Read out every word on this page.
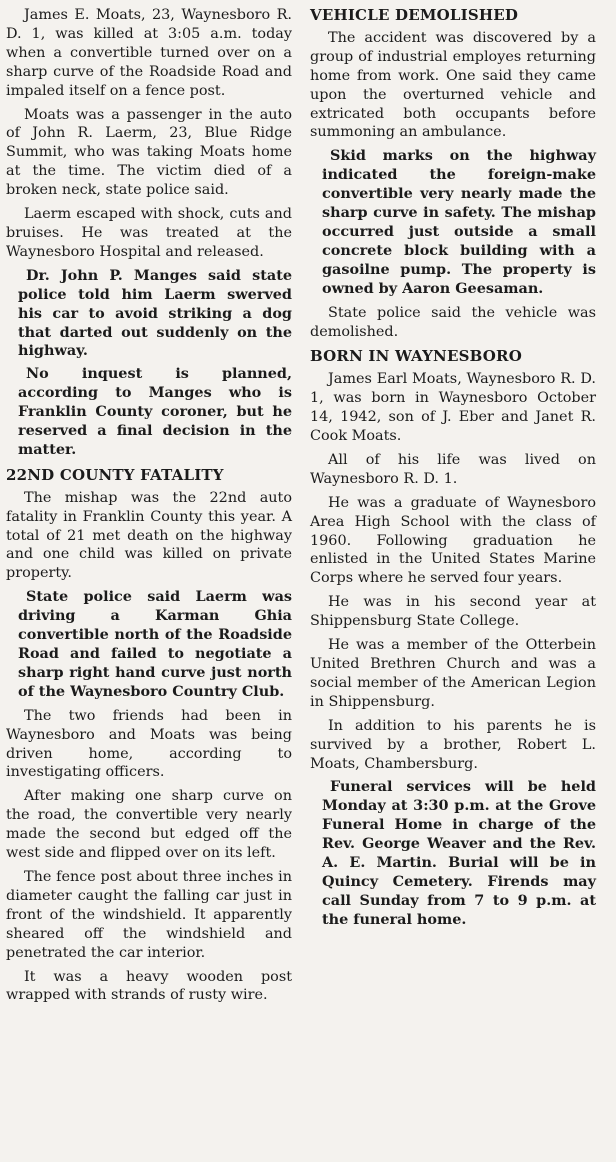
James E. Moats, 23, Waynesboro R. D. 1, was killed at 3:05 a.m. today when a convertible turned over on a sharp curve of the Roadside Road and impaled itself on a fence post.

Moats was a passenger in the auto of John R. Laerm, 23, Blue Ridge Summit, who was taking Moats home at the time. The victim died of a broken neck, state police said.

Laerm escaped with shock, cuts and bruises. He was treated at the Waynesboro Hospital and released.

Dr. John P. Manges said state police told him Laerm swerved his car to avoid striking a dog that darted out suddenly on the highway.

No inquest is planned, according to Manges who is Franklin County coroner, but he reserved a final decision in the matter.

22ND COUNTY FATALITY

The mishap was the 22nd auto fatality in Franklin County this year. A total of 21 met death on the highway and one child was killed on private property.

State police said Laerm was driving a Karman Ghia convertible north of the Roadside Road and failed to negotiate a sharp right hand curve just north of the Waynesboro Country Club.

The two friends had been in Waynesboro and Moats was being driven home, according to investigating officers.

After making one sharp curve on the road, the convertible very nearly made the second but edged off the west side and flipped over on its left.

The fence post about three inches in diameter caught the falling car just in front of the windshield. It apparently sheared off the windshield and penetrated the car interior.

It was a heavy wooden post wrapped with strands of rusty wire.

VEHICLE DEMOLISHED

The accident was discovered by a group of industrial employes returning home from work. One said they came upon the overturned vehicle and extricated both occupants before summoning an ambulance.

Skid marks on the highway indicated the foreign-make convertible very nearly made the sharp curve in safety. The mishap occurred just outside a small concrete block building with a gasoilne pump. The property is owned by Aaron Geesaman.

State police said the vehicle was demolished.

BORN IN WAYNESBORO

James Earl Moats, Waynesboro R. D. 1, was born in Waynesboro October 14, 1942, son of J. Eber and Janet R. Cook Moats.

All of his life was lived on Waynesboro R. D. 1.

He was a graduate of Waynesboro Area High School with the class of 1960. Following graduation he enlisted in the United States Marine Corps where he served four years.

He was in his second year at Shippensburg State College.

He was a member of the Otterbein United Brethren Church and was a social member of the American Legion in Shippensburg.

In addition to his parents he is survived by a brother, Robert L. Moats, Chambersburg.

Funeral services will be held Monday at 3:30 p.m. at the Grove Funeral Home in charge of the Rev. George Weaver and the Rev. A. E. Martin. Burial will be in Quincy Cemetery. Firends may call Sunday from 7 to 9 p.m. at the funeral home.
